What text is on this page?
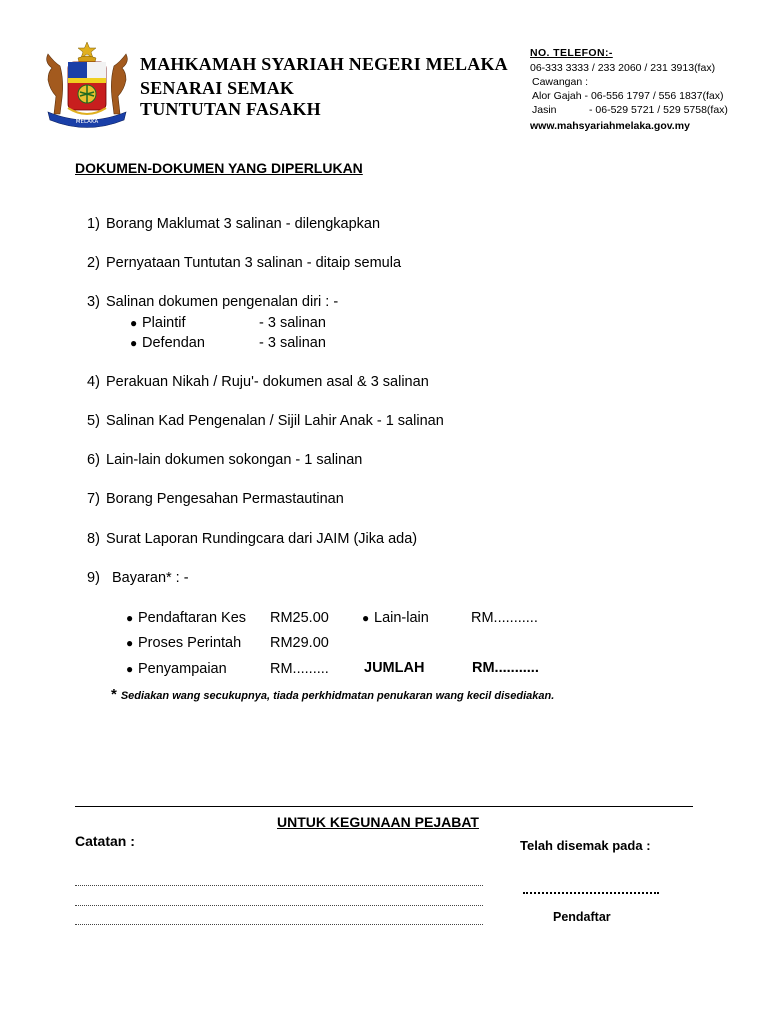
MELAKA
MAHKAMAH SYARIAH NEGERI MELAKA
SENARAI SEMAK
TUNTUTAN FASAKH
NO. TELEFON:-
06-333 3333 / 233 2060 / 231 3913(fax)
Cawangan :
Alor Gajah - 06-556 1797 / 556 1837(fax)
Jasin	- 06-529 5721 / 529 5758(fax)
www.mahsyariahmelaka.gov.my
DOKUMEN-DOKUMEN YANG DIPERLUKAN
1) Borang Maklumat 3 salinan - dilengkapkan
2) Pernyataan Tuntutan 3 salinan - ditaip semula
3) Salinan dokumen pengenalan diri : -
● Plaintif	- 3 salinan
● Defendan	- 3 salinan
4) Perakuan Nikah / Ruju'- dokumen asal & 3 salinan
5) Salinan Kad Pengenalan / Sijil Lahir Anak - 1 salinan
6) Lain-lain dokumen sokongan - 1 salinan
7) Borang Pengesahan Permastautinan
8) Surat Laporan Rundingcara dari JAIM (Jika ada)
9) Bayaran* : -
● Pendaftaran Kes RM25.00
● Proses Perintah RM29.00
● Penyampaian	RM.........
● Lain-lain	RM...........
JUMLAH	RM...........
* Sediakan wang secukupnya, tiada perkhidmatan penukaran wang kecil disediakan.
UNTUK KEGUNAAN PEJABAT
Catatan :	Telah disemak pada :
Pendaftar
